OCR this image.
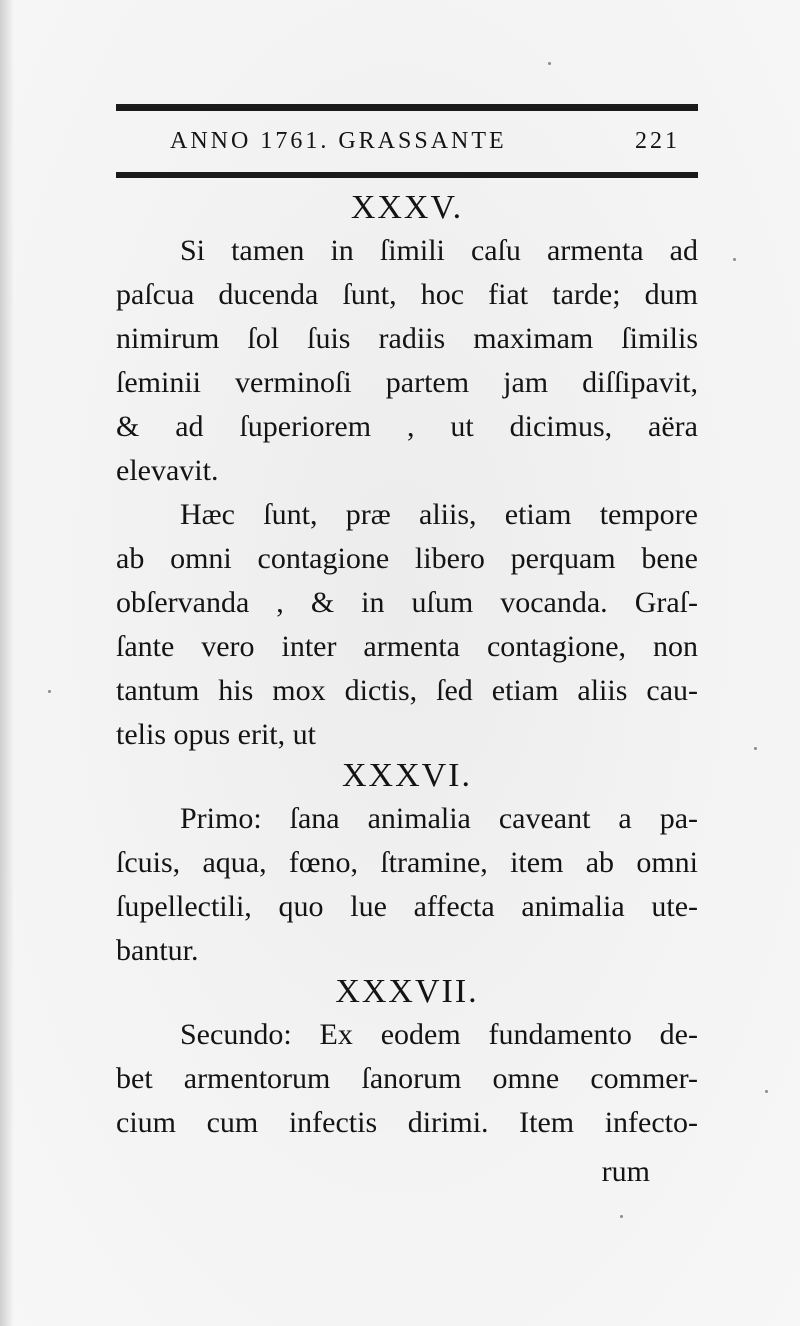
ANNO 1761. GRASSANTE	221
XXXV.
Si tamen in ſimili caſu armenta ad
paſcua ducenda ſunt, hoc fiat tarde; dum
nimirum ſol ſuis radiis maximam ſimilis
ſeminii verminoſi partem jam diſſipavit,
& ad ſuperiorem , ut dicimus, aëra
elevavit.
Hæc ſunt, præ aliis, etiam tempore
ab omni contagione libero perquam bene
obſervanda , & in uſum vocanda. Graſ-
ſante vero inter armenta contagione, non
tantum his mox dictis, ſed etiam aliis cau-
telis opus erit, ut
XXXVI.
Primo: ſana animalia caveant a pa-
ſcuis, aqua, fœno, ſtramine, item ab omni
ſupellectili, quo lue affecta animalia ute-
bantur.
XXXVII.
Secundo: Ex eodem fundamento de-
bet armentorum ſanorum omne commer-
cium cum infectis dirimi. Item infecto-
rum
